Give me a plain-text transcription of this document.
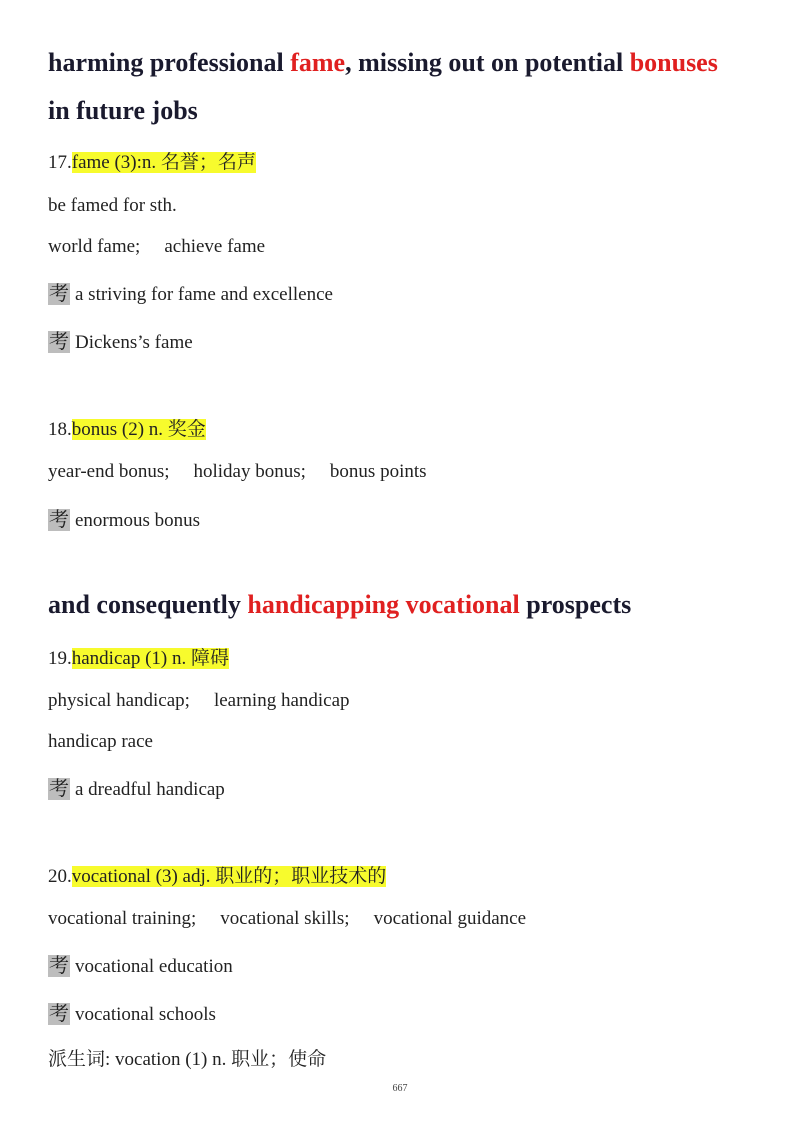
harming professional fame, missing out on potential bonuses
in future jobs
17.fame (3):n. 名誉；名声
be famed for sth.
world fame; achieve fame
考 a striving for fame and excellence
考 Dickens’s fame
18.bonus (2) n. 奖金
year-end bonus; holiday bonus; bonus points
考 enormous bonus
and consequently handicapping vocational prospects
19.handicap (1) n. 障碍
physical handicap; learning handicap
handicap race
考 a dreadful handicap
20.vocational (3) adj. 职业的；职业技术的
vocational training; vocational skills; vocational guidance
考 vocational education
考 vocational schools
派生词: vocation (1) n. 职业；使命
667
